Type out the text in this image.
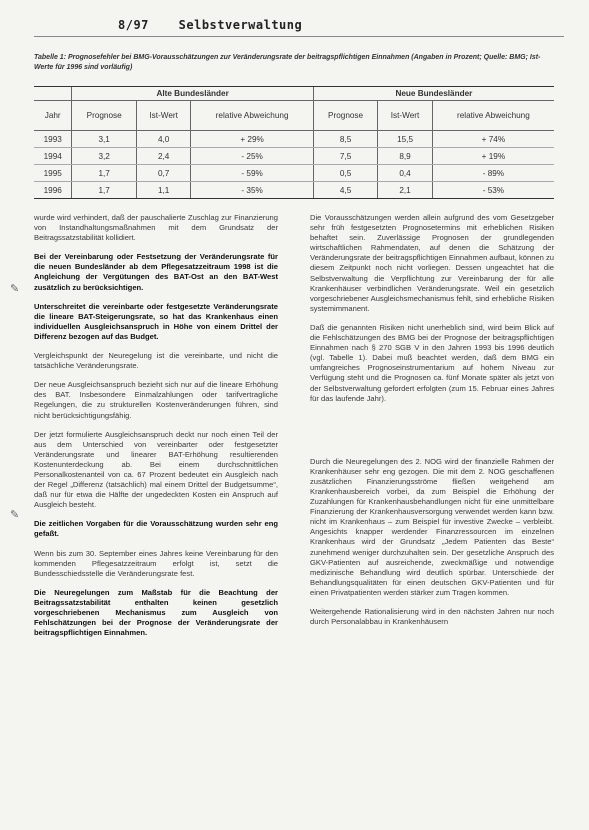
8/97 Selbstverwaltung
Tabelle 1: Prognosefehler bei BMG-Vorausschätzungen zur Veränderungsrate der beitragspflichtigen Einnahmen (Angaben in Prozent; Quelle: BMG; Ist-Werte für 1996 sind vorläufig)
	Alte Bundesländer			Neue Bundesländer		
Jahr	Prognose	Ist-Wert	relative Abweichung	Prognose	Ist-Wert	relative Abweichung
1993	3,1	4,0	+ 29%	8,5	15,5	+ 74%
1994	3,2	2,4	- 25%	7,5	8,9	+ 19%
1995	1,7	0,7	- 59%	0,5	0,4	- 89%
1996	1,7	1,1	- 35%	4,5	2,1	- 53%
✎
✎

wurde wird verhindert, daß der pauschalierte Zuschlag zur Finanzierung von Instandhaltungsmaßnahmen mit dem Grundsatz der Beitragssatzstabilität kollidiert.

Bei der Vereinbarung oder Festsetzung der Veränderungsrate für die neuen Bundesländer ab dem Pflegesatzzeitraum 1998 ist die Angleichung der Vergütungen des BAT-Ost an den BAT-West zusätzlich zu berücksichtigen.

Unterschreitet die vereinbarte oder festgesetzte Veränderungsrate die lineare BAT-Steigerungsrate, so hat das Krankenhaus einen individuellen Ausgleichsanspruch in Höhe von einem Drittel der Differenz bezogen auf das Budget.

Vergleichspunkt der Neuregelung ist die vereinbarte, und nicht die tatsächliche Veränderungsrate.

Der neue Ausgleichsanspruch bezieht sich nur auf die lineare Erhöhung des BAT. Insbesondere Einmalzahlungen oder tarifvertragliche Regelungen, die zu strukturellen Kostenveränderungen führen, sind nicht berücksichtigungsfähig.

Der jetzt formulierte Ausgleichsanspruch deckt nur noch einen Teil der aus dem Unterschied von vereinbarter oder festgesetzter Veränderungsrate und linearer BAT-Erhöhung resultierenden Kostenunterdeckung ab. Bei einem durchschnittlichen Personalkostenanteil von ca. 67 Prozent bedeutet ein Ausgleich nach der Regel „Differenz (tatsächlich) mal einem Drittel der Budgetsumme“, daß nur für etwa die Hälfte der ungedeckten Kosten ein Anspruch auf Ausgleich besteht.

Die zeitlichen Vorgaben für die Vorausschätzung wurden sehr eng gefaßt.

Wenn bis zum 30. September eines Jahres keine Vereinbarung für den kommenden Pflegesatzzeitraum erfolgt ist, setzt die Bundesschiedsstelle die Veränderungsrate fest.

Die Neuregelungen zum Maßstab für die Beachtung der Beitragssatzstabilität enthalten keinen gesetzlich vorgeschriebenen Mechanismus zum Ausgleich von Fehlschätzungen bei der Prognose der Veränderungsrate der beitragspflichtigen Einnahmen.

Die Vorausschätzungen werden allein aufgrund des vom Gesetzgeber sehr früh festgesetzten Prognosetermins mit erheblichen Risiken behaftet sein. Zuverlässige Prognosen der grundlegenden wirtschaftlichen Rahmendaten, auf denen die Schätzung der Veränderungsrate der beitragspflichtigen Einnahmen aufbaut, können zu diesem Zeitpunkt noch nicht vorliegen. Dessen ungeachtet hat die Selbstverwaltung die Verpflichtung zur Vereinbarung der für alle Krankenhäuser verbindlichen Veränderungsrate. Weil ein gesetzlich vorgeschriebener Ausgleichsmechanismus fehlt, sind erhebliche Risiken systemimmanent.

Daß die genannten Risiken nicht unerheblich sind, wird beim Blick auf die Fehlschätzungen des BMG bei der Prognose der beitragspflichtigen Einnahmen nach § 270 SGB V in den Jahren 1993 bis 1996 deutlich (vgl. Tabelle 1). Dabei muß beachtet werden, daß dem BMG ein umfangreiches Prognoseinstrumentarium auf hohem Niveau zur Verfügung steht und die Prognosen ca. fünf Monate später als jetzt von der Selbstverwaltung gefordert erfolgten (zum 15. Februar eines Jahres für das laufende Jahr).

Durch die Neuregelungen des 2. NOG wird der finanzielle Rahmen der Krankenhäuser sehr eng gezogen. Die mit dem 2. NOG geschaffenen zusätzlichen Finanzierungsströme fließen weitgehend am Krankenhausbereich vorbei, da zum Beispiel die Erhöhung der Zuzahlungen für Krankenhausbehandlungen nicht für eine unmittelbare Finanzierung der Krankenhausversorgung verwendet werden kann bzw. nicht im Krankenhaus – zum Beispiel für investive Zwecke – verbleibt. Angesichts knapper werdender Finanzressourcen im einzelnen Krankenhaus wird der Grundsatz „Jedem Patienten das Beste“ zunehmend weniger durchzuhalten sein. Der gesetzliche Anspruch des GKV-Patienten auf ausreichende, zweckmäßige und notwendige medizinische Behandlung wird deutlich spürbar. Unterschiede der Behandlungsqualitäten für einen deutschen GKV-Patienten und für einen Privatpatienten werden stärker zum Tragen kommen.

Weitergehende Rationalisierung wird in den nächsten Jahren nur noch durch Personalabbau in Krankenhäusern
